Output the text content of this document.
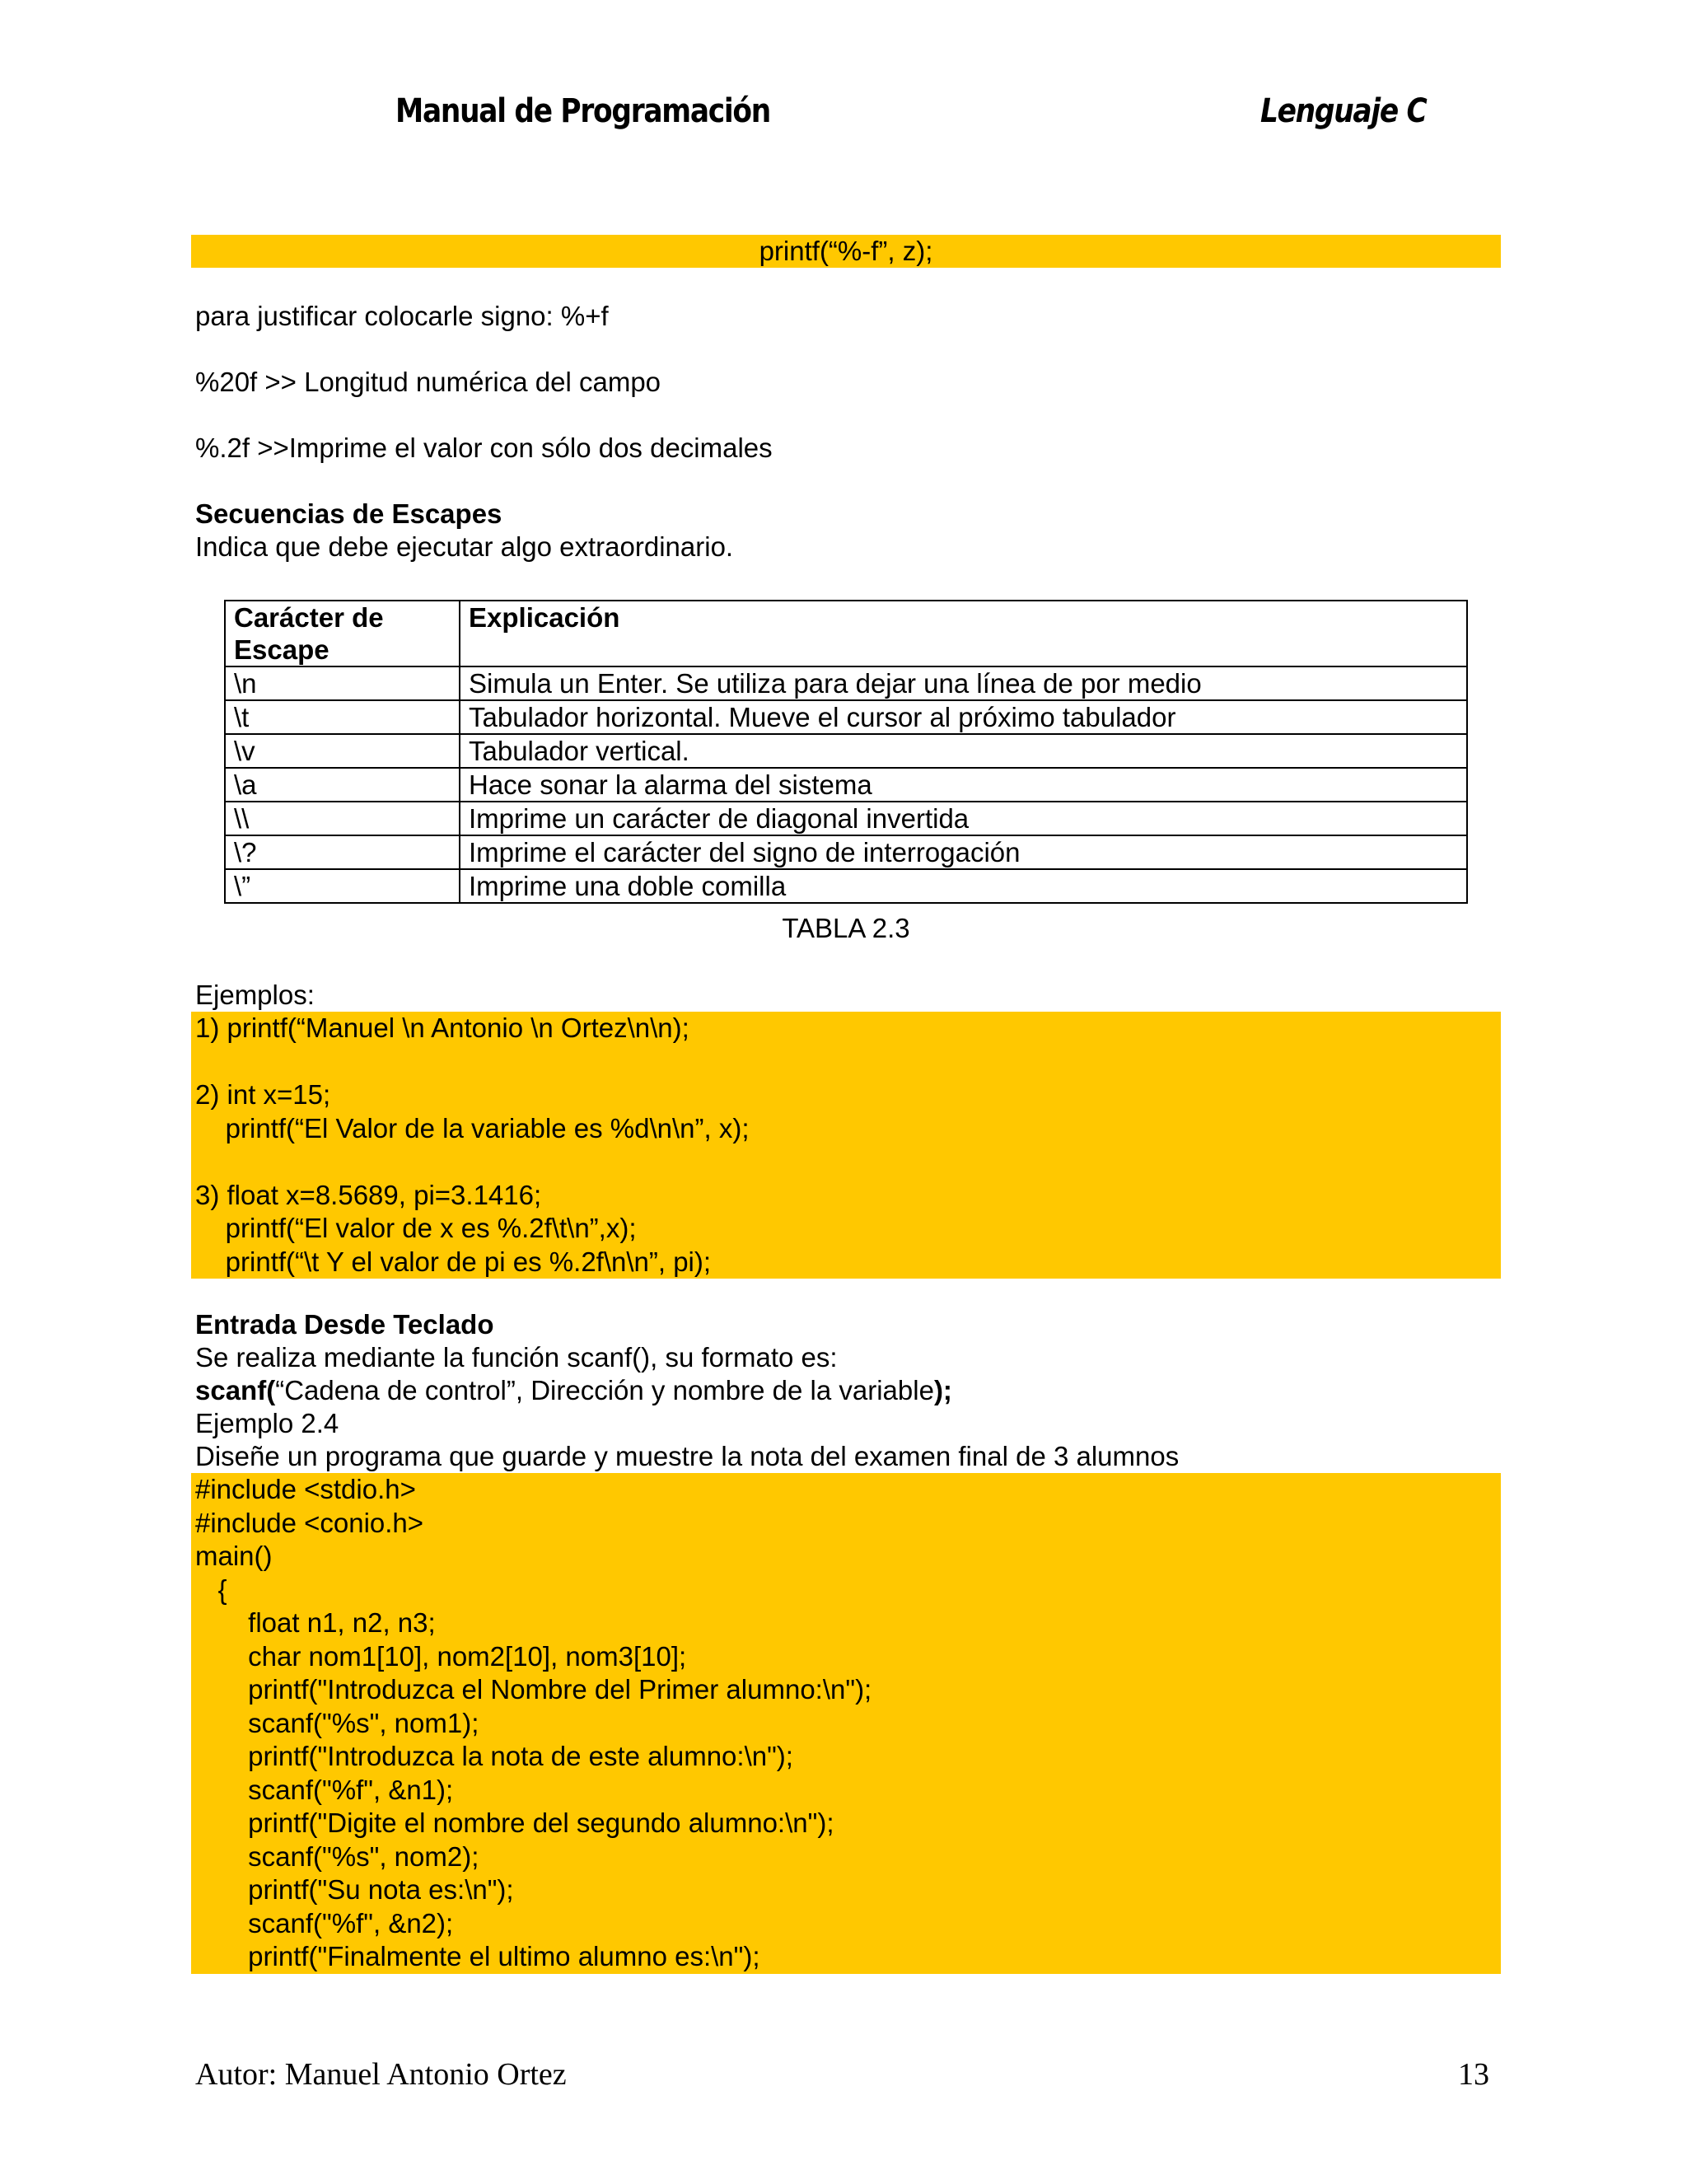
Manual de Programación	Lenguaje C
printf(“%-f”, z);
para justificar colocarle signo: %+f
%20f >> Longitud numérica del campo
%.2f >>Imprime el valor con sólo dos decimales
Secuencias de Escapes
Indica que debe ejecutar algo extraordinario.
Carácter de Escape	Explicación
\n	Simula un Enter. Se utiliza para dejar una línea de por medio
\t	Tabulador horizontal. Mueve el cursor al próximo tabulador
\v	Tabulador vertical.
\a	Hace sonar la alarma del sistema
\\	Imprime un carácter de diagonal invertida
\?	Imprime el carácter del signo de interrogación
\”	Imprime una doble comilla
TABLA 2.3
Ejemplos:
1) printf(“Manuel \n Antonio \n Ortez\n\n);
2) int x=15;
printf(“El Valor de la variable es %d\n\n”, x);
3) float x=8.5689, pi=3.1416;
printf(“El valor de x es %.2f\t\n”,x);
printf(“\t Y el valor de pi es %.2f\n\n”, pi);
Entrada Desde Teclado
Se realiza mediante la función scanf(), su formato es:
scanf(“Cadena de control”, Dirección y nombre de la variable);
Ejemplo 2.4
Diseñe un programa que guarde y muestre la nota del examen final de 3 alumnos
#include <stdio.h>
#include <conio.h>
main()
{
float n1, n2, n3;
char nom1[10], nom2[10], nom3[10];
printf("Introduzca el Nombre del Primer alumno:\n");
scanf("%s", nom1);
printf("Introduzca la nota de este alumno:\n");
scanf("%f", &n1);
printf("Digite el nombre del segundo alumno:\n");
scanf("%s", nom2);
printf("Su nota es:\n");
scanf("%f", &n2);
printf("Finalmente el ultimo alumno es:\n");
Autor: Manuel Antonio Ortez	13
